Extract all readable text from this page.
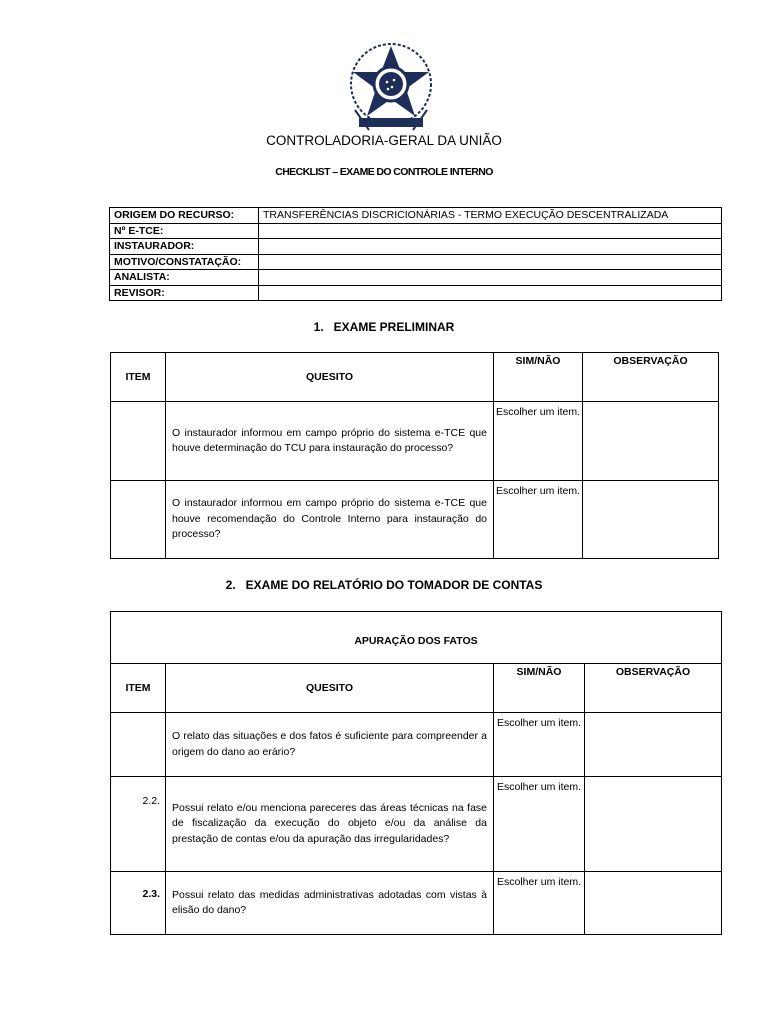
CONTROLADORIA-GERAL DA UNIÃO
CHECKLIST – EXAME DO CONTROLE INTERNO
ORIGEM DO RECURSO:	TRANSFERÊNCIAS DISCRICIONÁRIAS - TERMO EXECUÇÃO DESCENTRALIZADA
Nº E-TCE:	
INSTAURADOR:	
MOTIVO/CONSTATAÇÃO:	
ANALISTA:	
REVISOR:	
1. EXAME PRELIMINAR
ITEM	QUESITO	SIM/NÃO	OBSERVAÇÃO
	O instaurador informou em campo próprio do sistema e-TCE que houve determinação do TCU para instauração do processo?	Escolher um item.	
	O instaurador informou em campo próprio do sistema e-TCE que houve recomendação do Controle Interno para instauração do processo?	Escolher um item.	
2. EXAME DO RELATÓRIO DO TOMADOR DE CONTAS
APURAÇÃO DOS FATOS			
ITEM	QUESITO	SIM/NÃO	OBSERVAÇÃO
	O relato das situações e dos fatos é suficiente para compreender a origem do dano ao erário?	Escolher um item.	
2.2.	Possui relato e/ou menciona pareceres das áreas técnicas na fase de fiscalização da execução do objeto e/ou da análise da prestação de contas e/ou da apuração das irregularidades?	Escolher um item.	
2.3.	Possui relato das medidas administrativas adotadas com vistas à elisão do dano?	Escolher um item.	
